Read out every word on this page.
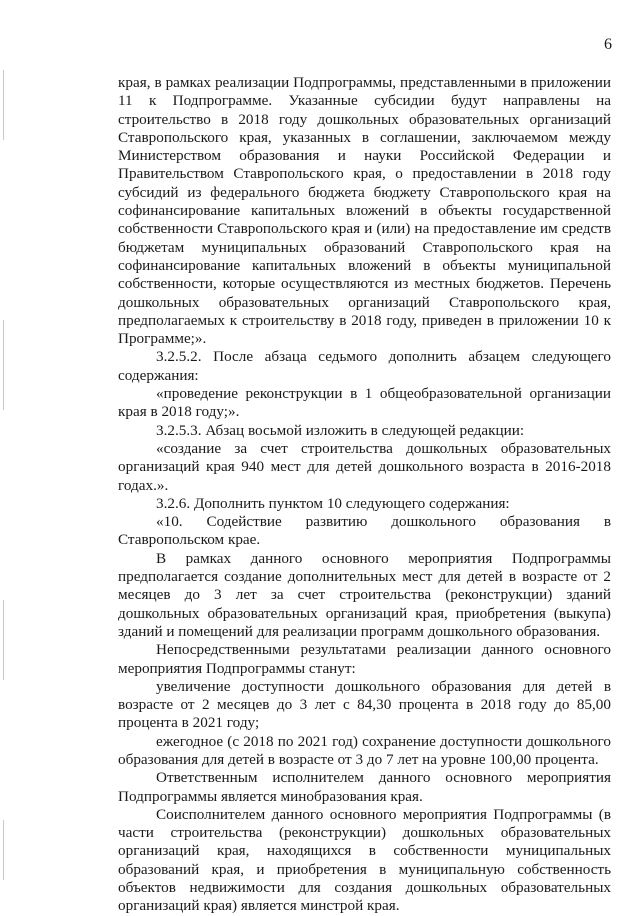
6

края, в рамках реализации Подпрограммы, представленными в приложении 11 к Подпрограмме. Указанные субсидии будут направлены на строительство в 2018 году дошкольных образовательных организаций Ставропольского края, указанных в соглашении, заключаемом между Министерством образования и науки Российской Федерации и Правительством Ставропольского края, о предоставлении в 2018 году субсидий из федерального бюджета бюджету Ставропольского края на софинансирование капитальных вложений в объекты государственной собственности Ставропольского края и (или) на предоставление им средств бюджетам муниципальных образований Ставропольского края на софинансирование капитальных вложений в объекты муниципальной собственности, которые осуществляются из местных бюджетов. Перечень дошкольных образовательных организаций Ставропольского края, предполагаемых к строительству в 2018 году, приведен в приложении 10 к Программе;».

3.2.5.2. После абзаца седьмого дополнить абзацем следующего содержания:

«проведение реконструкции в 1 общеобразовательной организации края в 2018 году;».

3.2.5.3. Абзац восьмой изложить в следующей редакции:

«создание за счет строительства дошкольных образовательных организаций края 940 мест для детей дошкольного возраста в 2016-2018 годах.».

3.2.6. Дополнить пунктом 10 следующего содержания:

«10. Содействие развитию дошкольного образования в Ставропольском крае.

В рамках данного основного мероприятия Подпрограммы предполагается создание дополнительных мест для детей в возрасте от 2 месяцев до 3 лет за счет строительства (реконструкции) зданий дошкольных образовательных организаций края, приобретения (выкупа) зданий и помещений для реализации программ дошкольного образования.

Непосредственными результатами реализации данного основного мероприятия Подпрограммы станут:

увеличение доступности дошкольного образования для детей в возрасте от 2 месяцев до 3 лет с 84,30 процента в 2018 году до 85,00 процента в 2021 году;

ежегодное (с 2018 по 2021 год) сохранение доступности дошкольного образования для детей в возрасте от 3 до 7 лет на уровне 100,00 процента.

Ответственным исполнителем данного основного мероприятия Подпрограммы является минобразования края.

Соисполнителем данного основного мероприятия Подпрограммы (в части строительства (реконструкции) дошкольных образовательных организаций края, находящихся в собственности муниципальных образований края, и приобретения в муниципальную собственность объектов недвижимости для создания дошкольных образовательных организаций края) является минстрой края.
